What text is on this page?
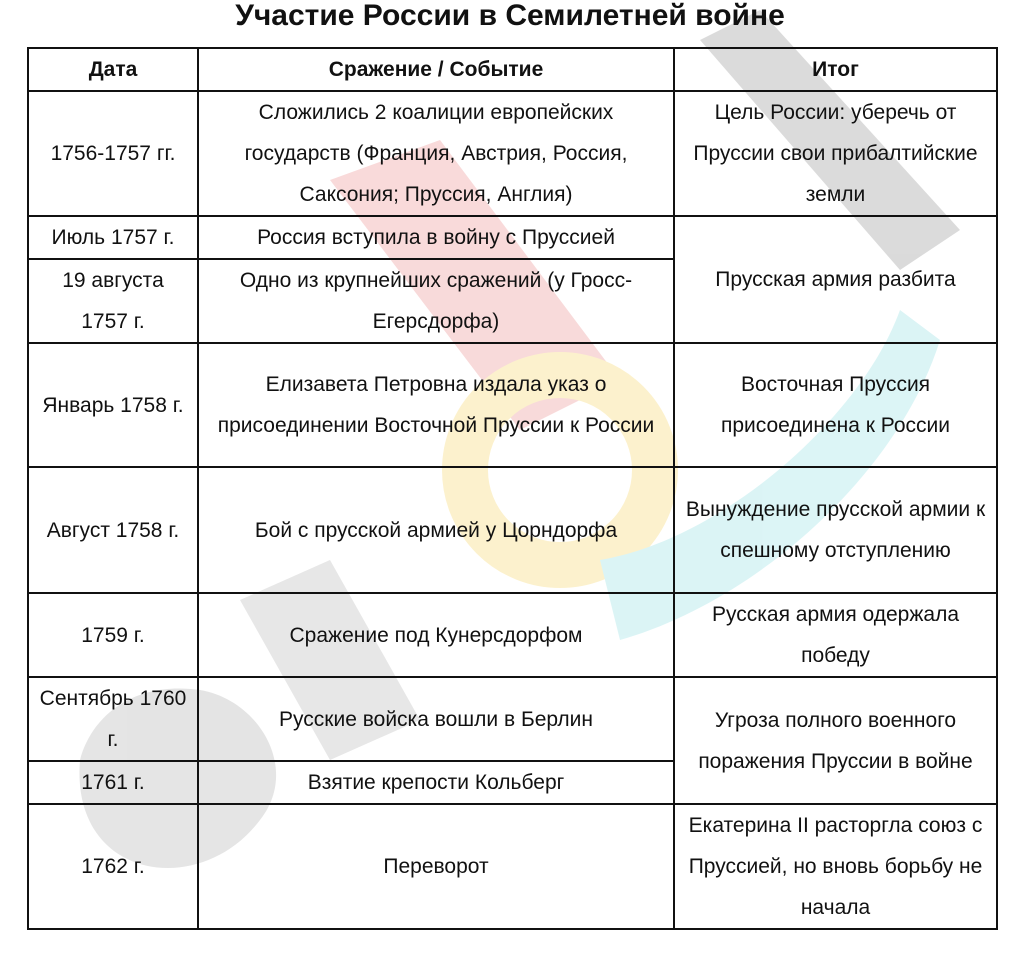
Участие России в Семилетней войне
Дата	Сражение / Событие	Итог
1756-1757 гг.	Сложились 2 коалиции европейских государств (Франция, Австрия, Россия, Саксония; Пруссия, Англия)	Цель России: уберечь от Пруссии свои прибалтийские земли
Июль 1757 г.	Россия вступила в войну с Пруссией	Прусская армия разбита
19 августа 1757 г.	Одно из крупнейших сражений (у Гросс-Егерсдорфа)	
Январь 1758 г.	Елизавета Петровна издала указ о присоединении Восточной Пруссии к России	Восточная Пруссия присоединена к России
Август 1758 г.	Бой с прусской армией у Цорндорфа	Вынуждение прусской армии к спешному отступлению
1759 г.	Сражение под Кунерсдорфом	Русская армия одержала победу
Сентябрь 1760 г.	Русские войска вошли в Берлин	Угроза полного военного поражения Пруссии в войне
1761 г.	Взятие крепости Кольберг	
1762 г.	Переворот	Екатерина II расторгла союз с Пруссией, но вновь борьбу не начала
